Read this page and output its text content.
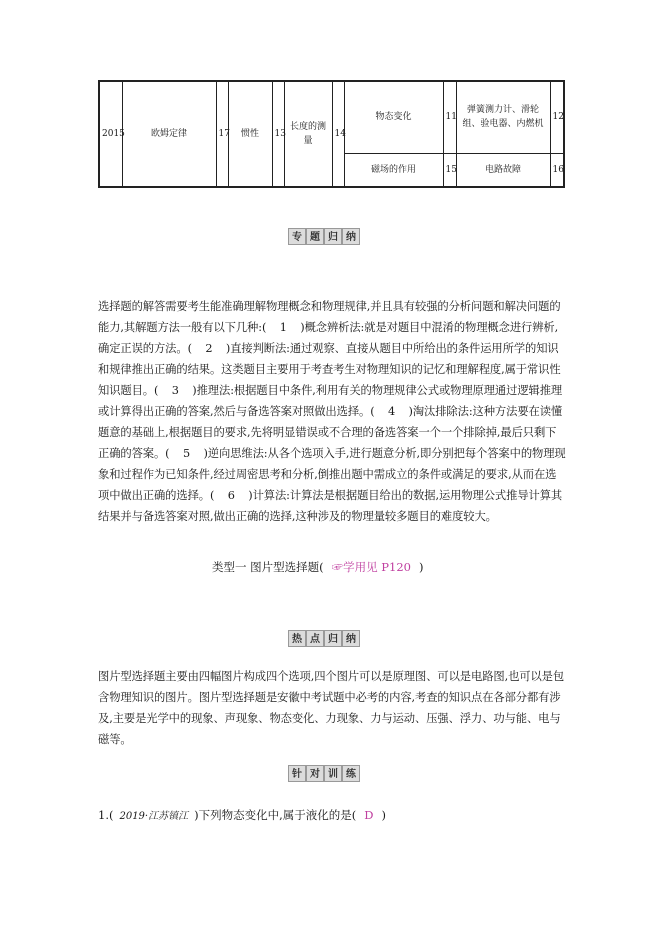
2015	欧姆定律	17	惯性	13	长度的测量	14	物态变化	11	弹簧测力计、滑轮组、验电器、内燃机	12
							磁场的作用	15	电路故障	16
专 题 归 纳
选择题的解答需要考生能准确理解物理概念和物理规律,并且具有较强的分析问题和解决问题的能力,其解题方法一般有以下几种:( 1 )概念辨析法:就是对题目中混淆的物理概念进行辨析,确定正误的方法。( 2 )直接判断法:通过观察、直接从题目中所给出的条件运用所学的知识和规律推出正确的结果。这类题目主要用于考查考生对物理知识的记忆和理解程度,属于常识性知识题目。( 3 )推理法:根据题目中条件,利用有关的物理规律公式或物理原理通过逻辑推理或计算得出正确的答案,然后与备选答案对照做出选择。( 4 )淘汰排除法:这种方法要在读懂题意的基础上,根据题目的要求,先将明显错误或不合理的备选答案一个一个排除掉,最后只剩下正确的答案。( 5 )逆向思维法:从各个选项入手,进行题意分析,即分别把每个答案中的物理现象和过程作为已知条件,经过周密思考和分析,倒推出题中需成立的条件或满足的要求,从而在选项中做出正确的选择。( 6 )计算法:计算法是根据题目给出的数据,运用物理公式推导计算其结果并与备选答案对照,做出正确的选择,这种涉及的物理量较多题目的难度较大。
类型一 图片型选择题( ☞学用见 P120 )
热 点 归 纳
图片型选择题主要由四幅图片构成四个选项,四个图片可以是原理图、可以是电路图,也可以是包含物理知识的图片。图片型选择题是安徽中考试题中必考的内容,考查的知识点在各部分都有涉及,主要是光学中的现象、声现象、物态变化、力现象、力与运动、压强、浮力、功与能、电与磁等。
针 对 训 练
1.( 2019·江苏镇江 )下列物态变化中,属于液化的是( D )
